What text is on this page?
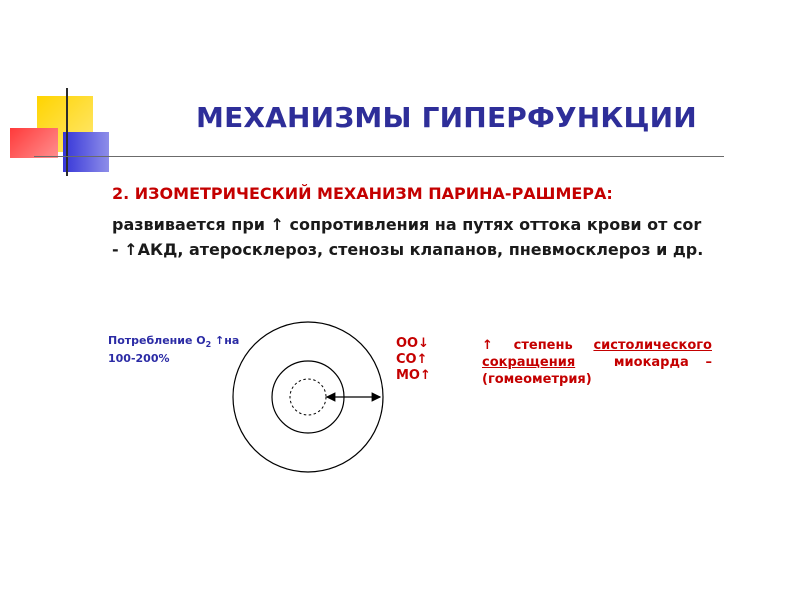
МЕХАНИЗМЫ ГИПЕРФУНКЦИИ
2. ИЗОМЕТРИЧЕСКИЙ МЕХАНИЗМ ПАРИНА-РАШМЕРА:
развивается при ↑ сопротивления на путях оттока крови от cor
- ↑АКД, атеросклероз, стенозы клапанов, пневмосклероз и др.
Потребление $O_2$ ↑на
100-200%
ОО↓
СО↑
МО↑
↑ степень систолического
сокращения	миокарда –
(гомеометрия)
